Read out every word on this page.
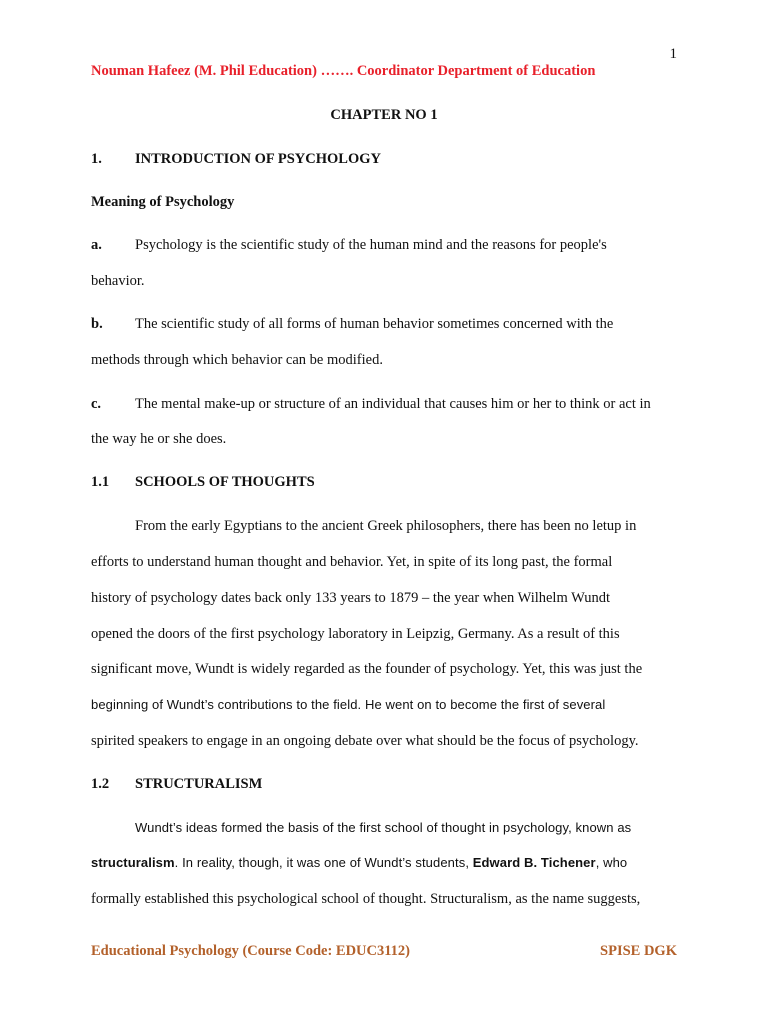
1
Nouman Hafeez (M. Phil Education) ……. Coordinator Department of Education
CHAPTER NO 1
1. INTRODUCTION OF PSYCHOLOGY
Meaning of Psychology
a. Psychology is the scientific study of the human mind and the reasons for people's
behavior.
b. The scientific study of all forms of human behavior sometimes concerned with the
methods through which behavior can be modified.
c. The mental make-up or structure of an individual that causes him or her to think or act in
the way he or she does.
1.1 SCHOOLS OF THOUGHTS
From the early Egyptians to the ancient Greek philosophers, there has been no letup in
efforts to understand human thought and behavior. Yet, in spite of its long past, the formal
history of psychology dates back only 133 years to 1879 – the year when Wilhelm Wundt
opened the doors of the first psychology laboratory in Leipzig, Germany. As a result of this
significant move, Wundt is widely regarded as the founder of psychology. Yet, this was just the
beginning of Wundt’s contributions to the field. He went on to become the first of several
spirited speakers to engage in an ongoing debate over what should be the focus of psychology.
1.2 STRUCTURALISM
Wundt’s ideas formed the basis of the first school of thought in psychology, known as
structuralism. In reality, though, it was one of Wundt’s students, Edward B. Tichener, who
formally established this psychological school of thought. Structuralism, as the name suggests,
Educational Psychology (Course Code: EDUC3112)	SPISE DGK
